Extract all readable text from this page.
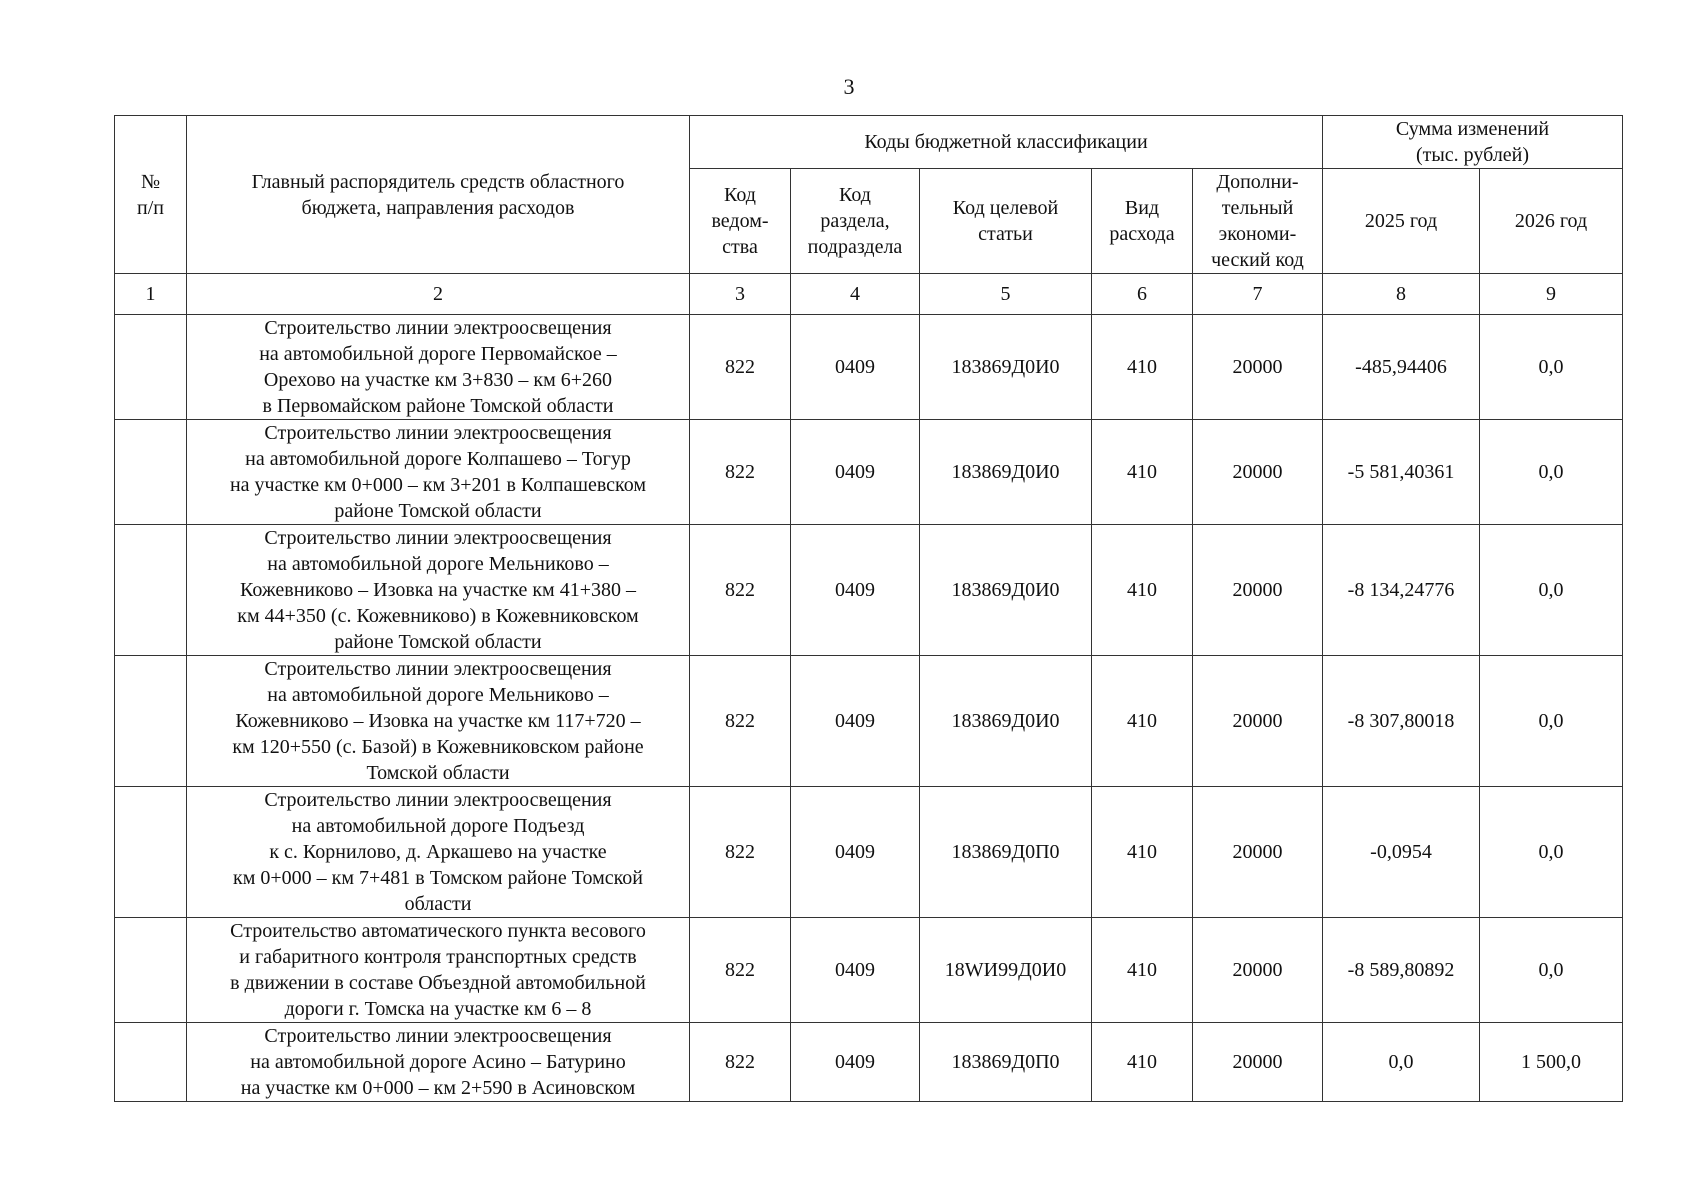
3
№
п/п	Главный распорядитель средств областного
бюджета, направления расходов	Коды бюджетной классификации					Сумма изменений
(тыс. рублей)	
		Код
ведом-
ства	Код
раздела,
подраздела	Код целевой
статьи	Вид
расхода	Дополни-
тельный
экономи-
ческий код	2025 год	2026 год
1	2	3	4	5	6	7	8	9
	Строительство линии электроосвещения
на автомобильной дороге Первомайское –
Орехово на участке км 3+830 – км 6+260
в Первомайском районе Томской области	822	0409	183869Д0И0	410	20000	-485,94406	0,0
	Строительство линии электроосвещения
на автомобильной дороге Колпашево – Тогур
на участке км 0+000 – км 3+201 в Колпашевском
районе Томской области	822	0409	183869Д0И0	410	20000	-5 581,40361	0,0
	Строительство линии электроосвещения
на автомобильной дороге Мельниково –
Кожевниково – Изовка на участке км 41+380 –
км 44+350 (с. Кожевниково) в Кожевниковском
районе Томской области	822	0409	183869Д0И0	410	20000	-8 134,24776	0,0
	Строительство линии электроосвещения
на автомобильной дороге Мельниково –
Кожевниково – Изовка на участке км 117+720 –
км 120+550 (с. Базой) в Кожевниковском районе
Томской области	822	0409	183869Д0И0	410	20000	-8 307,80018	0,0
	Строительство линии электроосвещения
на автомобильной дороге Подъезд
к с. Корнилово, д. Аркашево на участке
км 0+000 – км 7+481 в Томском районе Томской
области	822	0409	183869Д0П0	410	20000	-0,0954	0,0
	Строительство автоматического пункта весового
и габаритного контроля транспортных средств
в движении в составе Объездной автомобильной
дороги г. Томска на участке км 6 – 8	822	0409	18WИ99Д0И0	410	20000	-8 589,80892	0,0
	Строительство линии электроосвещения
на автомобильной дороге Асино – Батурино
на участке км 0+000 – км 2+590 в Асиновском	822	0409	183869Д0П0	410	20000	0,0	1 500,0
